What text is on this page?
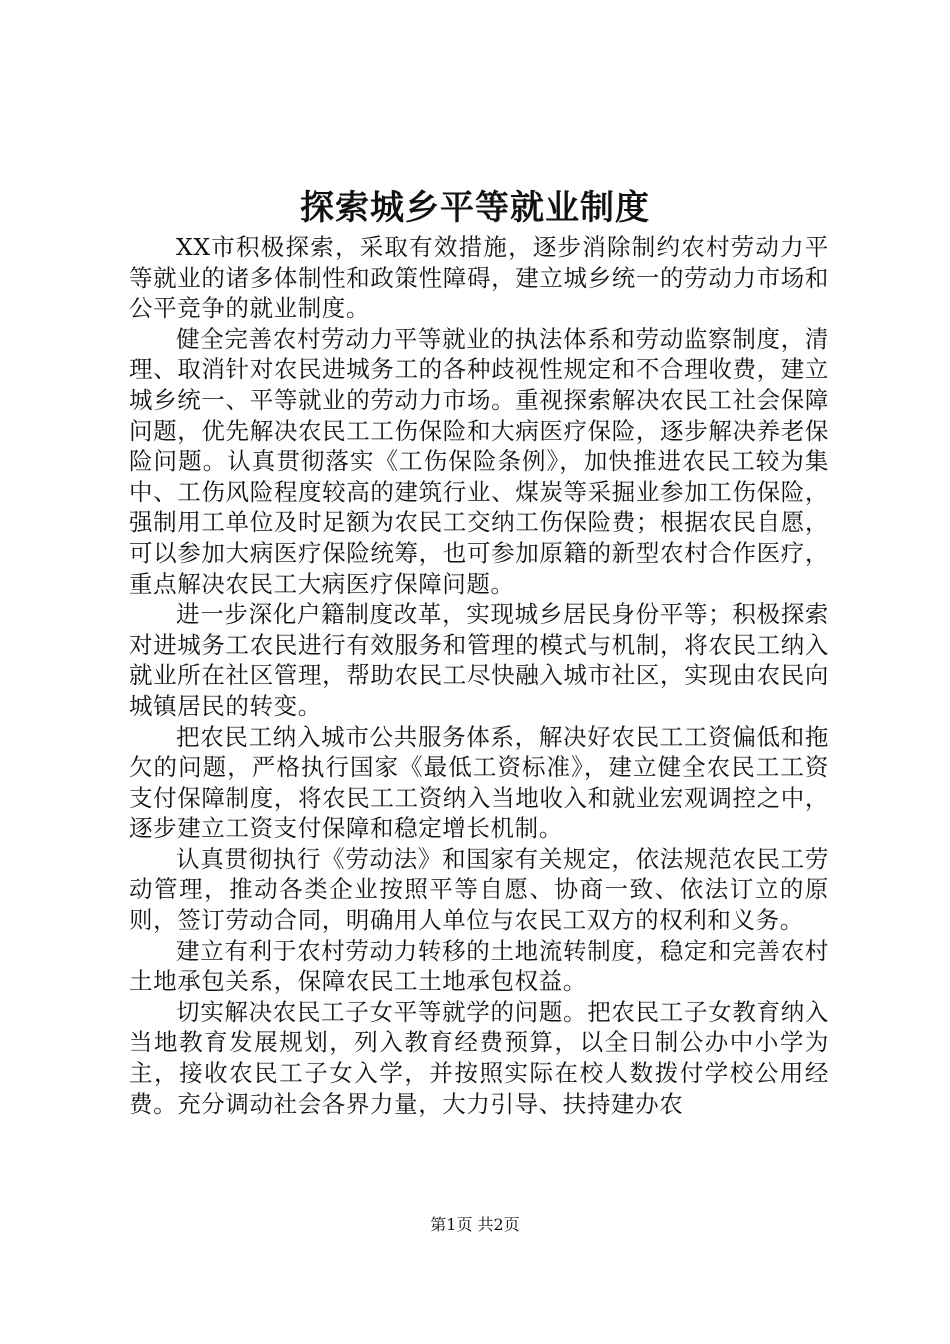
探索城乡平等就业制度

XX市积极探索，采取有效措施，逐步消除制约农村劳动力平等就业的诸多体制性和政策性障碍，建立城乡统一的劳动力市场和公平竞争的就业制度。

健全完善农村劳动力平等就业的执法体系和劳动监察制度，清理、取消针对农民进城务工的各种歧视性规定和不合理收费，建立城乡统一、平等就业的劳动力市场。重视探索解决农民工社会保障问题，优先解决农民工工伤保险和大病医疗保险，逐步解决养老保险问题。认真贯彻落实《工伤保险条例》，加快推进农民工较为集中、工伤风险程度较高的建筑行业、煤炭等采掘业参加工伤保险，强制用工单位及时足额为农民工交纳工伤保险费；根据农民自愿，可以参加大病医疗保险统筹，也可参加原籍的新型农村合作医疗，重点解决农民工大病医疗保障问题。

进一步深化户籍制度改革，实现城乡居民身份平等；积极探索对进城务工农民进行有效服务和管理的模式与机制，将农民工纳入就业所在社区管理，帮助农民工尽快融入城市社区，实现由农民向城镇居民的转变。

把农民工纳入城市公共服务体系，解决好农民工工资偏低和拖欠的问题，严格执行国家《最低工资标准》，建立健全农民工工资支付保障制度，将农民工工资纳入当地收入和就业宏观调控之中，逐步建立工资支付保障和稳定增长机制。

认真贯彻执行《劳动法》和国家有关规定，依法规范农民工劳动管理，推动各类企业按照平等自愿、协商一致、依法订立的原则，签订劳动合同，明确用人单位与农民工双方的权利和义务。

建立有利于农村劳动力转移的土地流转制度，稳定和完善农村土地承包关系，保障农民工土地承包权益。

切实解决农民工子女平等就学的问题。把农民工子女教育纳入当地教育发展规划，列入教育经费预算，以全日制公办中小学为主，接收农民工子女入学，并按照实际在校人数拨付学校公用经费。充分调动社会各界力量，大力引导、扶持建办农

第1页 共2页
